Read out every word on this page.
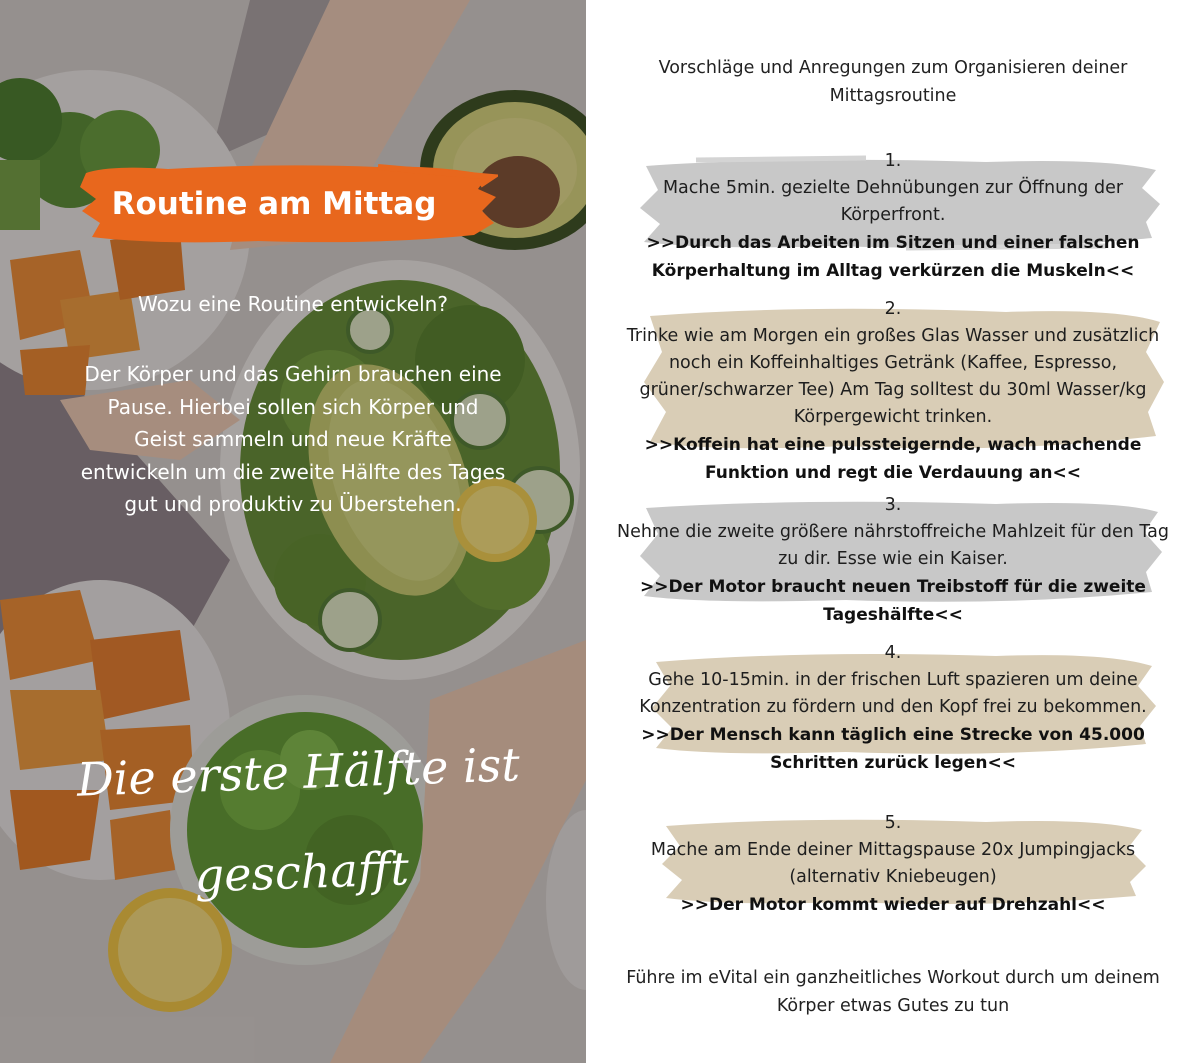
Routine am Mittag
Wozu eine Routine entwickeln?
Der Körper und das Gehirn brauchen eine Pause. Hierbei sollen sich Körper und Geist sammeln und neue Kräfte entwickeln um die zweite Hälfte des Tages gut und produktiv zu Überstehen.
Die erste Hälfte ist
geschafft
Vorschläge und Anregungen zum Organisieren deiner Mittagsroutine
1.
Mache 5min. gezielte Dehnübungen zur Öffnung der Körperfront.
>>Durch das Arbeiten im Sitzen und einer falschen Körperhaltung im Alltag verkürzen die Muskeln<<
2.
Trinke wie am Morgen ein großes Glas Wasser und zusätzlich noch ein Koffeinhaltiges Getränk (Kaffee, Espresso, grüner/schwarzer Tee) Am Tag solltest du 30ml Wasser/kg Körpergewicht trinken.
>>Koffein hat eine pulssteigernde, wach machende Funktion und regt die Verdauung an<<
3.
Nehme die zweite größere nährstoffreiche Mahlzeit für den Tag zu dir. Esse wie ein Kaiser.
>>Der Motor braucht neuen Treibstoff für die zweite Tageshälfte<<
4.
Gehe 10-15min. in der frischen Luft spazieren um deine Konzentration zu fördern und den Kopf frei zu bekommen.
>>Der Mensch kann täglich eine Strecke von 45.000 Schritten zurück legen<<
5.
Mache am Ende deiner Mittagspause 20x Jumpingjacks (alternativ Kniebeugen)
>>Der Motor kommt wieder auf Drehzahl<<
Führe im eVital ein ganzheitliches Workout durch um deinem Körper etwas Gutes zu tun
